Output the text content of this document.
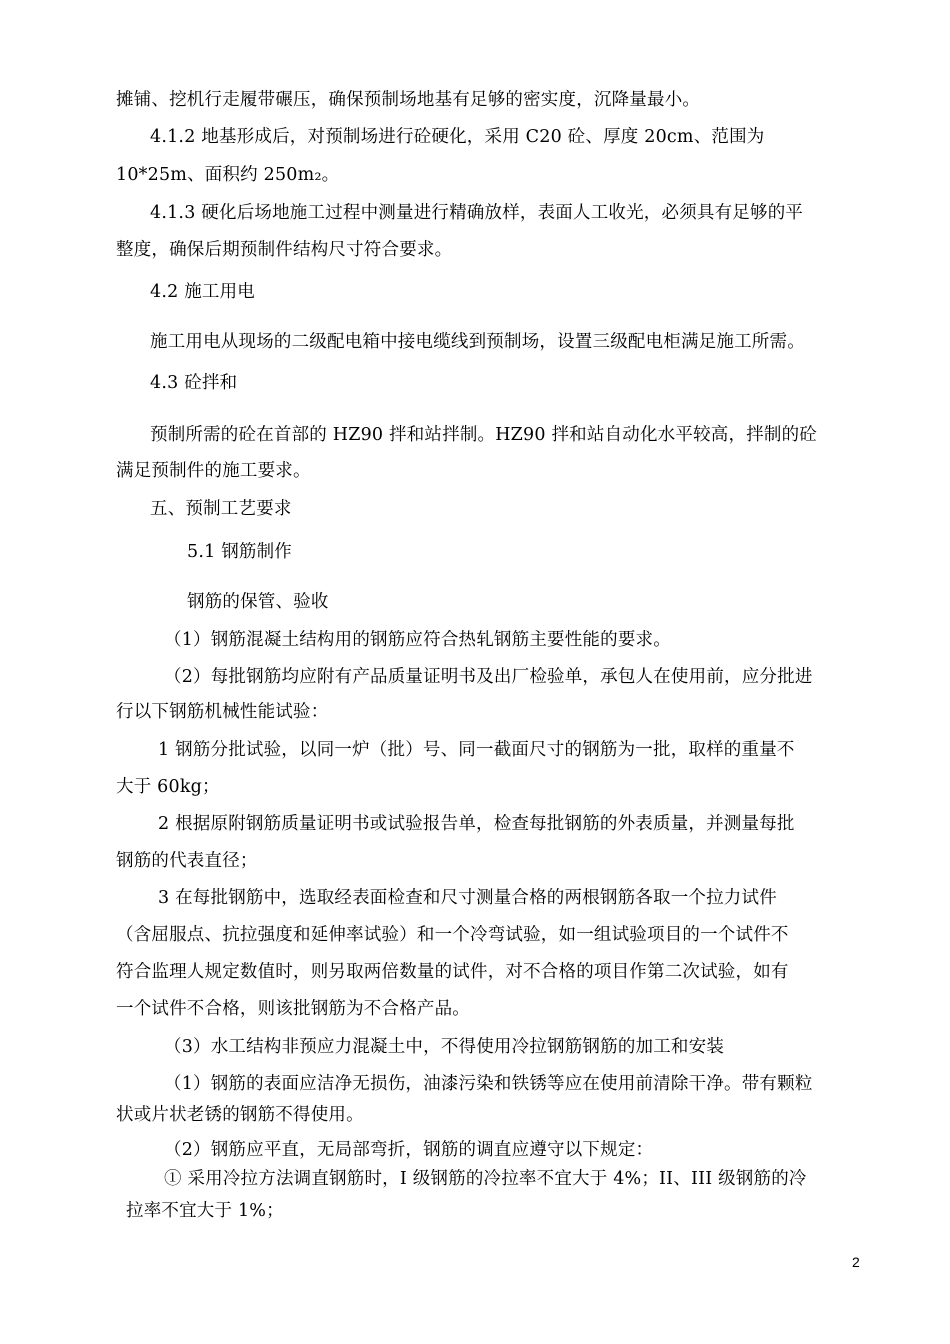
摊铺、挖机行走履带碾压，确保预制场地基有足够的密实度，沉降量最小。
4.1.2 地基形成后，对预制场进行砼硬化，采用 C20 砼、厚度 20cm、范围为
10*25m、面积约 250m₂。
4.1.3 硬化后场地施工过程中测量进行精确放样，表面人工收光，必须具有足够的平
整度，确保后期预制件结构尺寸符合要求。
4.2 施工用电
施工用电从现场的二级配电箱中接电缆线到预制场，设置三级配电柜满足施工所需。
4.3 砼拌和
预制所需的砼在首部的 HZ90 拌和站拌制。HZ90 拌和站自动化水平较高，拌制的砼
满足预制件的施工要求。
五、预制工艺要求
5.1 钢筋制作
钢筋的保管、验收
（1）钢筋混凝土结构用的钢筋应符合热轧钢筋主要性能的要求。
（2）每批钢筋均应附有产品质量证明书及出厂检验单，承包人在使用前，应分批进
行以下钢筋机械性能试验：
1 钢筋分批试验，以同一炉（批）号、同一截面尺寸的钢筋为一批，取样的重量不
大于 60kg；
2 根据原附钢筋质量证明书或试验报告单，检查每批钢筋的外表质量，并测量每批
钢筋的代表直径；
3 在每批钢筋中，选取经表面检查和尺寸测量合格的两根钢筋各取一个拉力试件
（含屈服点、抗拉强度和延伸率试验）和一个冷弯试验，如一组试验项目的一个试件不
符合监理人规定数值时，则另取两倍数量的试件，对不合格的项目作第二次试验，如有
一个试件不合格，则该批钢筋为不合格产品。
（3）水工结构非预应力混凝土中，不得使用冷拉钢筋钢筋的加工和安装
（1）钢筋的表面应洁净无损伤，油漆污染和铁锈等应在使用前清除干净。带有颗粒
状或片状老锈的钢筋不得使用。
（2）钢筋应平直，无局部弯折，钢筋的调直应遵守以下规定：
① 采用冷拉方法调直钢筋时，I 级钢筋的冷拉率不宜大于 4%；II、III 级钢筋的冷
拉率不宜大于 1%；
2
